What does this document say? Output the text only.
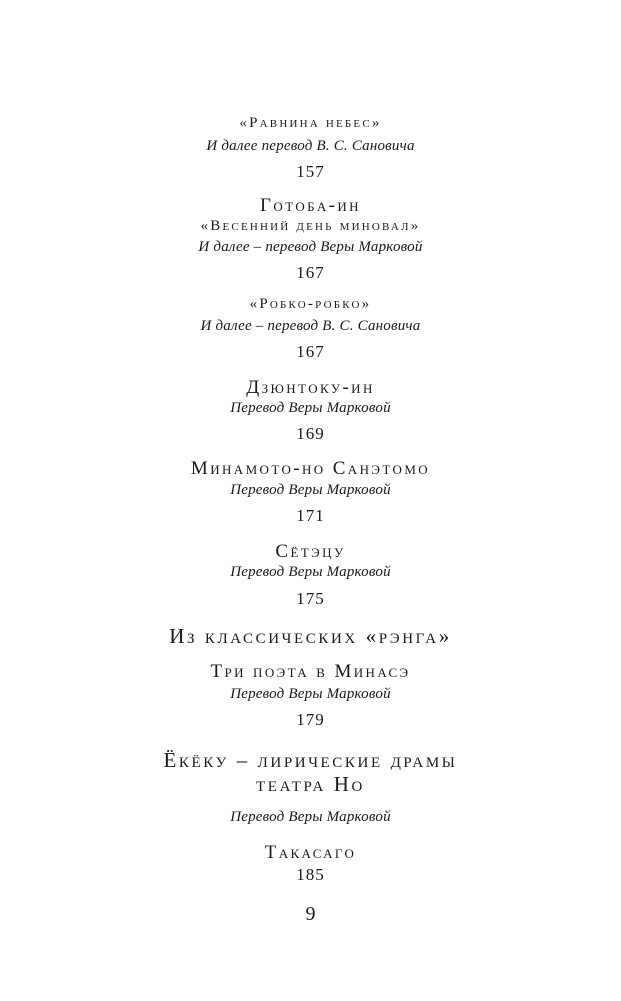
«Равнина небес»
И далее перевод В. С. Сановича
157
Готоба-ин
«Весенний день миновал»
И далее – перевод Веры Марковой
167
«Робко-робко»
И далее – перевод В. С. Сановича
167
Дзюнтоку-ин
Перевод Веры Марковой
169
Минамото-но Санэтомо
Перевод Веры Марковой
171
Сётэцу
Перевод Веры Марковой
175
Из классических «рэнга»
Три поэта в Минасэ
Перевод Веры Марковой
179
Ёкёку – лирические драмы
театра Но
Перевод Веры Марковой
Такасаго
185
9
